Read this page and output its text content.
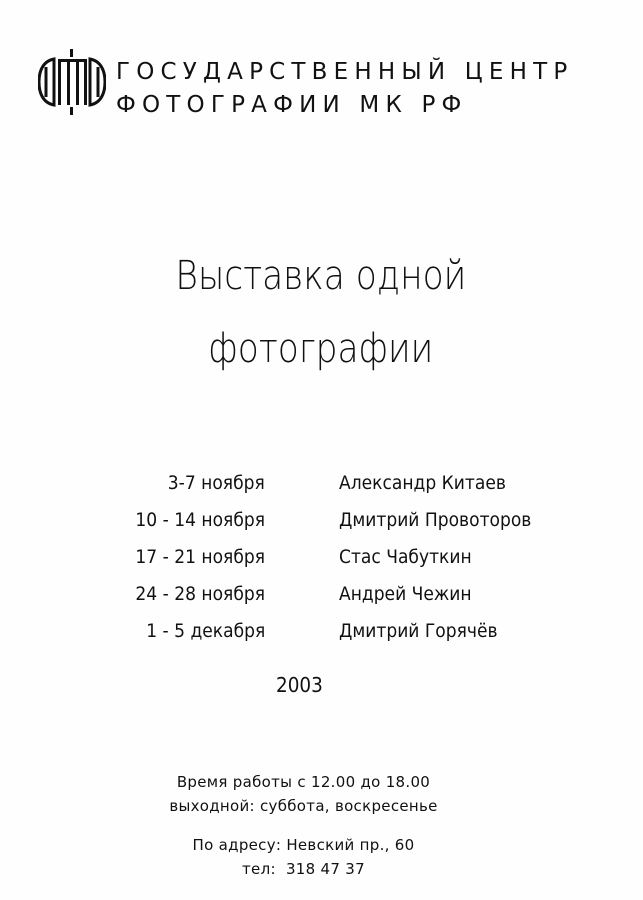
ГОСУДАРСТВЕННЫЙ ЦЕНТР
ФОТОГРАФИИ МК РФ
Выставка одной
фотографии
3-7 ноября	Александр Китаев
10 - 14 ноября	Дмитрий Провоторов
17 - 21 ноября	Стас Чабуткин
24 - 28 ноября	Андрей Чежин
1 - 5 декабря	Дмитрий Горячёв
2003
Время работы с 12.00 до 18.00
выходной: суббота, воскресенье
По адресу: Невский пр., 60
тел:  318 47 37
